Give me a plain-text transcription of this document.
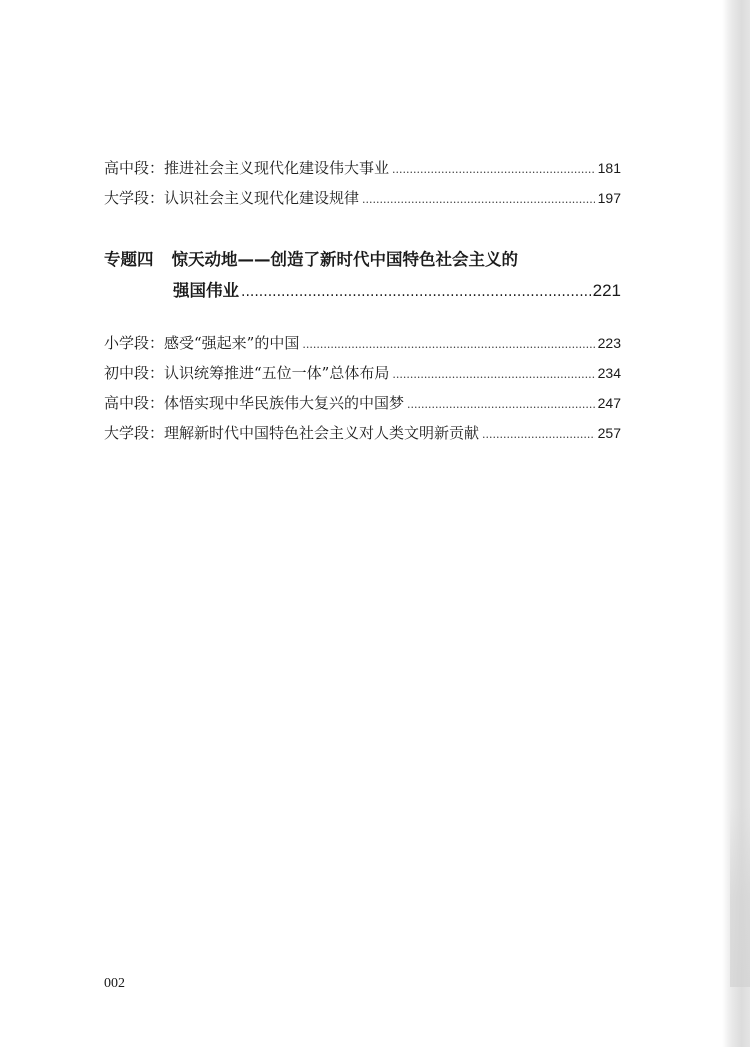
高中段：推进社会主义现代化建设伟大事业 .....	181
大学段：认识社会主义现代化建设规律 .....	197
专题四 惊天动地——创造了新时代中国特色社会主义的
强国伟业 .....	221
小学段：感受“强起来”的中国 .....	223
初中段：认识统筹推进“五位一体”总体布局 .....	234
高中段：体悟实现中华民族伟大复兴的中国梦 .....	247
大学段：理解新时代中国特色社会主义对人类文明新贡献 .....	257
002
